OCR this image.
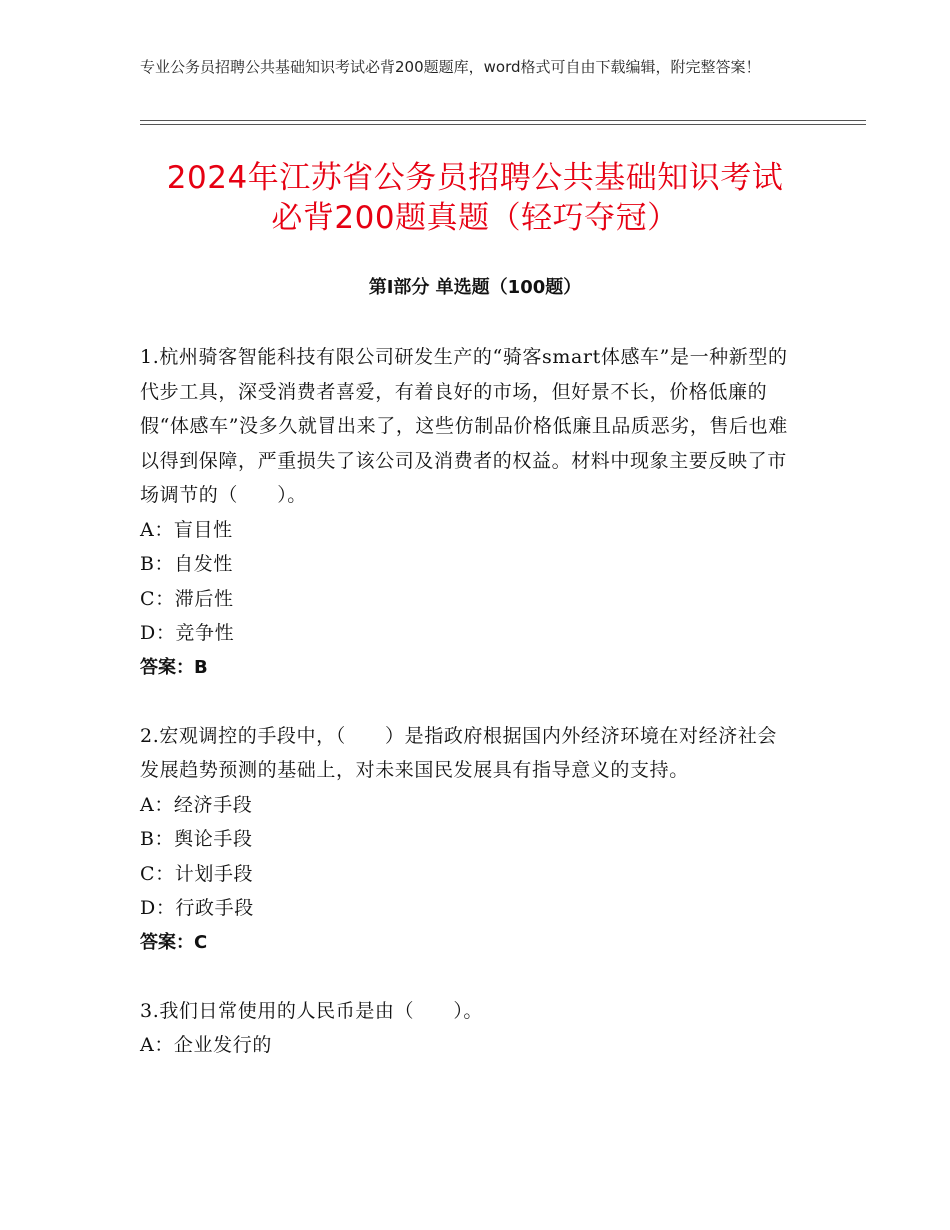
专业公务员招聘公共基础知识考试必背200题题库，word格式可自由下载编辑，附完整答案！
2024年江苏省公务员招聘公共基础知识考试
必背200题真题（轻巧夺冠）
第Ⅰ部分 单选题（100题）

1.杭州骑客智能科技有限公司研发生产的“骑客smart体感车”是一种新型的代步工具，深受消费者喜爱，有着良好的市场，但好景不长，价格低廉的假“体感车”没多久就冒出来了，这些仿制品价格低廉且品质恶劣，售后也难以得到保障，严重损失了该公司及消费者的权益。材料中现象主要反映了市场调节的（　　）。

A：盲目性

B：自发性

C：滞后性

D：竞争性

答案：B

2.宏观调控的手段中，（　　）是指政府根据国内外经济环境在对经济社会发展趋势预测的基础上，对未来国民发展具有指导意义的支持。

A：经济手段

B：舆论手段

C：计划手段

D：行政手段

答案：C

3.我们日常使用的人民币是由（　　）。

A：企业发行的
